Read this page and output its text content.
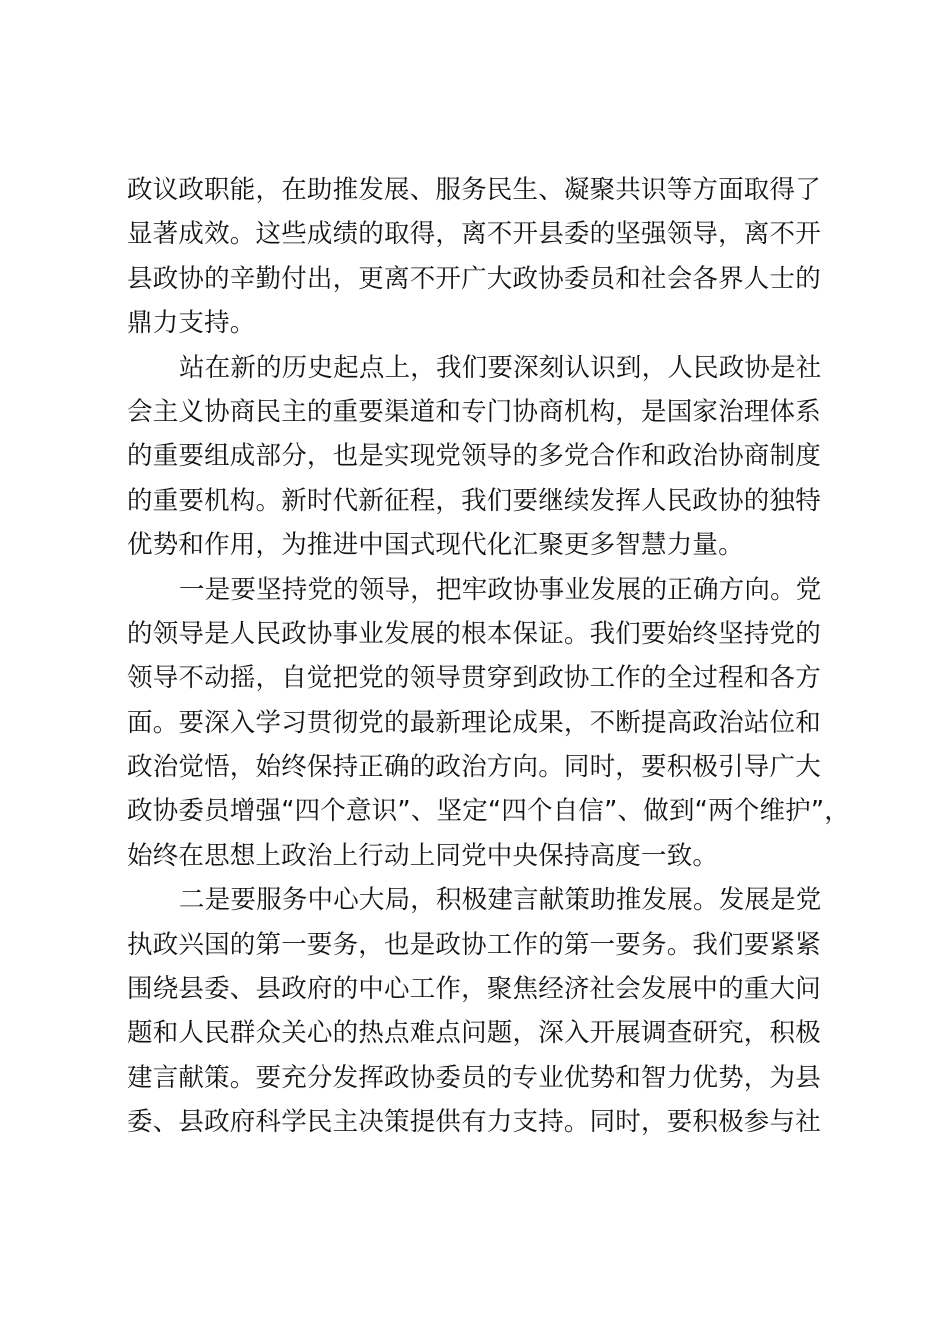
政议政职能，在助推发展、服务民生、凝聚共识等方面取得了
显著成效。这些成绩的取得，离不开县委的坚强领导，离不开
县政协的辛勤付出，更离不开广大政协委员和社会各界人士的
鼎力支持。
站在新的历史起点上，我们要深刻认识到，人民政协是社
会主义协商民主的重要渠道和专门协商机构，是国家治理体系
的重要组成部分，也是实现党领导的多党合作和政治协商制度
的重要机构。新时代新征程，我们要继续发挥人民政协的独特
优势和作用，为推进中国式现代化汇聚更多智慧力量。
一是要坚持党的领导，把牢政协事业发展的正确方向。党
的领导是人民政协事业发展的根本保证。我们要始终坚持党的
领导不动摇，自觉把党的领导贯穿到政协工作的全过程和各方
面。要深入学习贯彻党的最新理论成果，不断提高政治站位和
政治觉悟，始终保持正确的政治方向。同时，要积极引导广大
政协委员增强“四个意识”、坚定“四个自信”、做到“两个维护”，
始终在思想上政治上行动上同党中央保持高度一致。
二是要服务中心大局，积极建言献策助推发展。发展是党
执政兴国的第一要务，也是政协工作的第一要务。我们要紧紧
围绕县委、县政府的中心工作，聚焦经济社会发展中的重大问
题和人民群众关心的热点难点问题，深入开展调查研究，积极
建言献策。要充分发挥政协委员的专业优势和智力优势，为县
委、县政府科学民主决策提供有力支持。同时，要积极参与社
